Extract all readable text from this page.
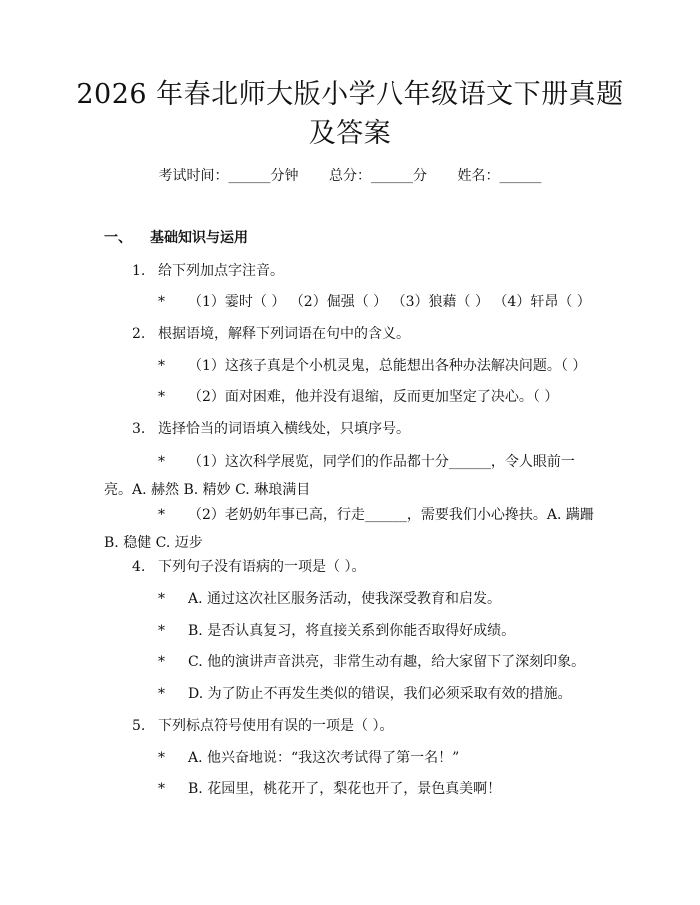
2026 年春北师大版小学八年级语文下册真题
及答案
考试时间：______分钟 总分：______分 姓名：______
一、 基础知识与运用
1. 给下列加点字注音。
* （1）霎时（ ） （2）倔强（ ） （3）狼藉（ ） （4）轩昂（ ）
2. 根据语境，解释下列词语在句中的含义。
* （1）这孩子真是个小机灵鬼，总能想出各种办法解决问题。（ ）
* （2）面对困难，他并没有退缩，反而更加坚定了决心。（ ）
3. 选择恰当的词语填入横线处，只填序号。
* （1）这次科学展览，同学们的作品都十分______，令人眼前一亮。A. 赫然 B. 精妙 C. 琳琅满目
* （2）老奶奶年事已高，行走______，需要我们小心搀扶。A. 蹒跚 B. 稳健 C. 迈步
4. 下列句子没有语病的一项是（ ）。
* A. 通过这次社区服务活动，使我深受教育和启发。
* B. 是否认真复习，将直接关系到你能否取得好成绩。
* C. 他的演讲声音洪亮，非常生动有趣，给大家留下了深刻印象。
* D. 为了防止不再发生类似的错误，我们必须采取有效的措施。
5. 下列标点符号使用有误的一项是（ ）。
* A. 他兴奋地说：“我这次考试得了第一名！”
* B. 花园里，桃花开了，梨花也开了，景色真美啊！
